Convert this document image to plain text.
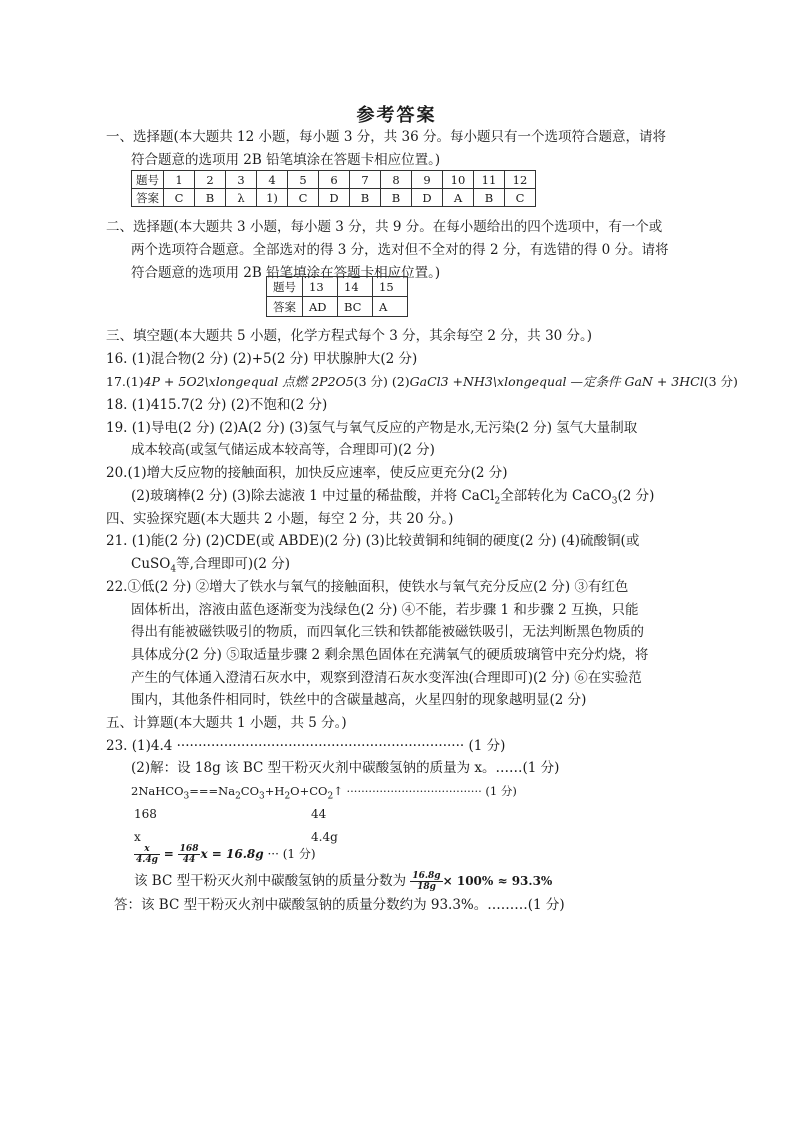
参考答案
一、选择题(本大题共 12 小题，每小题 3 分，共 36 分。每小题只有一个选项符合题意，请将
符合题意的选项用 2B 铅笔填涂在答题卡相应位置。)
题号	1	2	3	4	5	6	7	8	9	10	11	12
答案	C	B	λ	1)	C	D	B	B	D	A	B	C
二、选择题(本大题共 3 小题，每小题 3 分，共 9 分。在每小题给出的四个选项中，有一个或
两个选项符合题意。全部选对的得 3 分，选对但不全对的得 2 分，有选错的得 0 分。请将
符合题意的选项用 2B 铅笔填涂在答题卡相应位置。)
题号	13	14	15
答案	AD	BC	A
三、填空题(本大题共 5 小题，化学方程式每个 3 分，其余每空 2 分，共 30 分。)
16. (1)混合物(2 分) (2)+5(2 分) 甲状腺肿大(2 分)
17.(1)4P + 5O2\xlongequal 点燃 2P2O5(3 分) (2)GaCl3 +NH3\xlongequal —定条件 GaN + 3HCl(3 分)
18. (1)415.7(2 分) (2)不饱和(2 分)
19. (1)导电(2 分) (2)A(2 分) (3)氢气与氧气反应的产物是水,无污染(2 分) 氢气大量制取
成本较高(或氢气储运成本较高等，合理即可)(2 分)
20.(1)增大反应物的接触面积，加快反应速率，使反应更充分(2 分)
(2)玻璃棒(2 分) (3)除去滤液 1 中过量的稀盐酸，并将 CaCl$_2$全部转化为 CaCO$_3$(2 分)
四、实验探究题(本大题共 2 小题，每空 2 分，共 20 分。)
21. (1)能(2 分) (2)CDE(或 ABDE)(2 分) (3)比较黄铜和纯铜的硬度(2 分) (4)硫酸铜(或
CuSO$_4$等,合理即可)(2 分)
22.①低(2 分) ②增大了铁水与氧气的接触面积，使铁水与氧气充分反应(2 分) ③有红色
固体析出，溶液由蓝色逐渐变为浅绿色(2 分) ④不能，若步骤 1 和步骤 2 互换，只能
得出有能被磁铁吸引的物质，而四氧化三铁和铁都能被磁铁吸引，无法判断黑色物质的
具体成分(2 分) ⑤取适量步骤 2 剩余黑色固体在充满氧气的硬质玻璃管中充分灼烧，将
产生的气体通入澄清石灰水中，观察到澄清石灰水变浑浊(合理即可)(2 分) ⑥在实验范
围内，其他条件相同时，铁丝中的含碳量越高，火星四射的现象越明显(2 分)
五、计算题(本大题共 1 小题，共 5 分。)
23. (1)4.4 ··································································· (1 分)
(2)解：设 18g 该 BC 型干粉灭火剂中碳酸氢钠的质量为 x。……(1 分)
$2NaHCO_3===Na_2CO_3+H_2O+CO_2↑$ ····································· (1 分)
168	44
x	4.4g
$\frac{x}{4.4g} = \frac{168}{44}$ x = 16.8g ··· (1 分)
该 BC 型干粉灭火剂中碳酸氢钠的质量分数为 $\frac{16.8g}{18g} \times 100\% \approx 93.3\%$
答：该 BC 型干粉灭火剂中碳酸氢钠的质量分数约为 93.3%。………(1 分)
